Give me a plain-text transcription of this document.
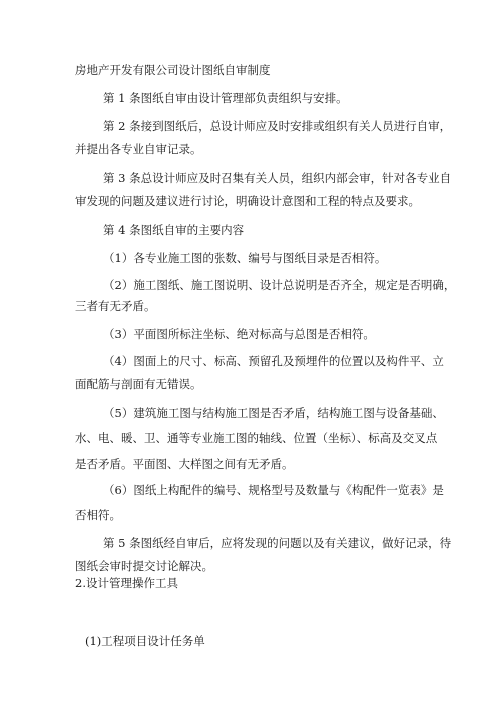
房地产开发有限公司设计图纸自审制度
第 1 条图纸自审由设计管理部负责组织与安排。
第 2 条接到图纸后，总设计师应及时安排或组织有关人员进行自审，
并提出各专业自审记录。
第 3 条总设计师应及时召集有关人员，组织内部会审，针对各专业自
审发现的问题及建议进行讨论，明确设计意图和工程的特点及要求。
第 4 条图纸自审的主要内容
（1）各专业施工图的张数、编号与图纸目录是否相符。
（2）施工图纸、施工图说明、设计总说明是否齐全，规定是否明确，
三者有无矛盾。
（3）平面图所标注坐标、绝对标高与总图是否相符。
（4）图面上的尺寸、标高、预留孔及预埋件的位置以及构件平、立
面配筋与剖面有无错误。
（5）建筑施工图与结构施工图是否矛盾，结构施工图与设备基础、
水、电、暖、卫、通等专业施工图的轴线、位置（坐标）、标高及交叉点
是否矛盾。平面图、大样图之间有无矛盾。
（6）图纸上构配件的编号、规格型号及数量与《构配件一览表》是
否相符。
第 5 条图纸经自审后，应将发现的问题以及有关建议，做好记录，待
图纸会审时提交讨论解决。
2.设计管理操作工具
(1)工程项目设计任务单
